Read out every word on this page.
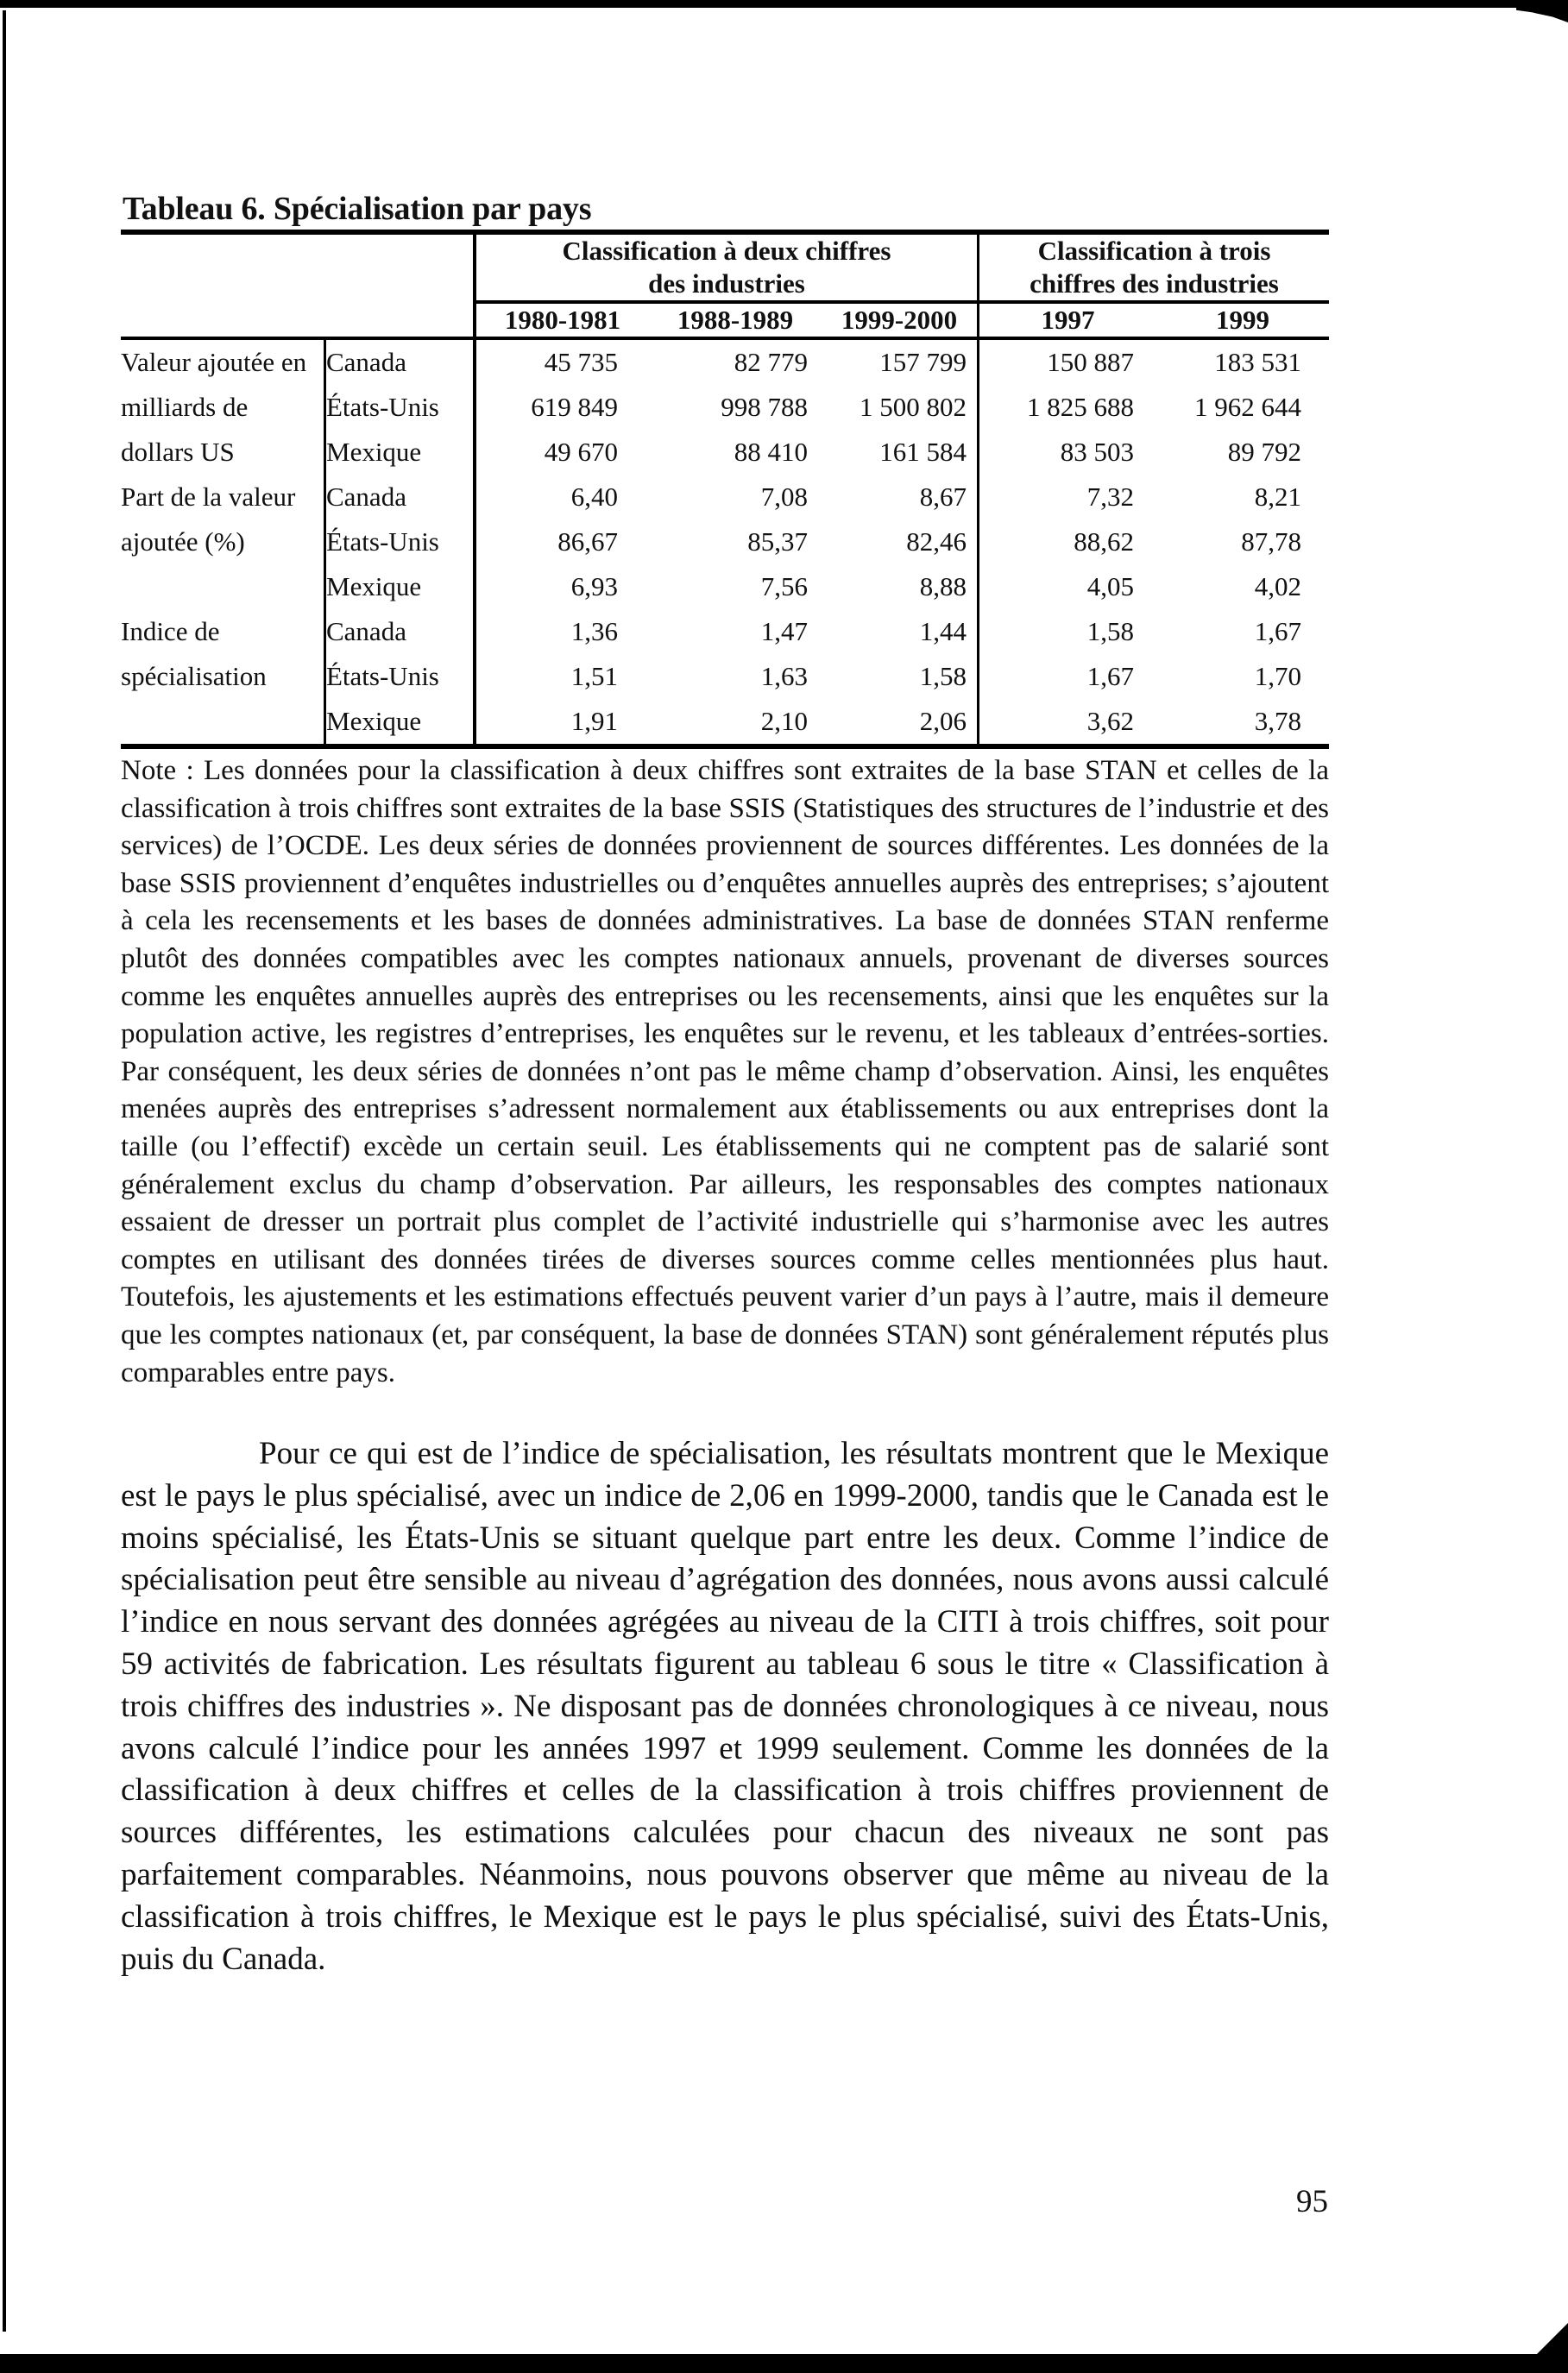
Tableau 6. Spécialisation par pays

Classification à deux chiffres
des industries

Classification à trois
chiffres des industries

		1980-1981	1988-1989	1999-2000	1997	1999
Valeur ajoutée en milliards de dollars US	Canada	45 735	82 779	157 799	150 887	183 531
	États-Unis	619 849	998 788	1 500 802	1 825 688	1 962 644
	Mexique	49 670	88 410	161 584	83 503	89 792
Part de la valeur ajoutée (%)	Canada	6,40	7,08	8,67	7,32	8,21
	États-Unis	86,67	85,37	82,46	88,62	87,78
	Mexique	6,93	7,56	8,88	4,05	4,02
Indice de spécialisation	Canada	1,36	1,47	1,44	1,58	1,67
	États-Unis	1,51	1,63	1,58	1,67	1,70
	Mexique	1,91	2,10	2,06	3,62	3,78

Note : Les données pour la classification à deux chiffres sont extraites de la base STAN et celles de la classification à trois chiffres sont extraites de la base SSIS (Statistiques des structures de l’industrie et des services) de l’OCDE. Les deux séries de données proviennent de sources différentes. Les données de la base SSIS proviennent d’enquêtes industrielles ou d’enquêtes annuelles auprès des entreprises; s’ajoutent à cela les recensements et les bases de données administratives. La base de données STAN renferme plutôt des données compatibles avec les comptes nationaux annuels, provenant de diverses sources comme les enquêtes annuelles auprès des entreprises ou les recensements, ainsi que les enquêtes sur la population active, les registres d’entreprises, les enquêtes sur le revenu, et les tableaux d’entrées-sorties. Par conséquent, les deux séries de données n’ont pas le même champ d’observation. Ainsi, les enquêtes menées auprès des entreprises s’adressent normalement aux établissements ou aux entreprises dont la taille (ou l’effectif) excède un certain seuil. Les établissements qui ne comptent pas de salarié sont généralement exclus du champ d’observation. Par ailleurs, les responsables des comptes nationaux essaient de dresser un portrait plus complet de l’activité industrielle qui s’harmonise avec les autres comptes en utilisant des données tirées de diverses sources comme celles mentionnées plus haut. Toutefois, les ajustements et les estimations effectués peuvent varier d’un pays à l’autre, mais il demeure que les comptes nationaux (et, par conséquent, la base de données STAN) sont généralement réputés plus comparables entre pays.

Pour ce qui est de l’indice de spécialisation, les résultats montrent que le Mexique est le pays le plus spécialisé, avec un indice de 2,06 en 1999-2000, tandis que le Canada est le moins spécialisé, les États-Unis se situant quelque part entre les deux. Comme l’indice de spécialisation peut être sensible au niveau d’agrégation des données, nous avons aussi calculé l’indice en nous servant des données agrégées au niveau de la CITI à trois chiffres, soit pour 59 activités de fabrication. Les résultats figurent au tableau 6 sous le titre « Classification à trois chiffres des industries ». Ne disposant pas de données chronologiques à ce niveau, nous avons calculé l’indice pour les années 1997 et 1999 seulement. Comme les données de la classification à deux chiffres et celles de la classification à trois chiffres proviennent de sources différentes, les estimations calculées pour chacun des niveaux ne sont pas parfaitement comparables. Néanmoins, nous pouvons observer que même au niveau de la classification à trois chiffres, le Mexique est le pays le plus spécialisé, suivi des États-Unis, puis du Canada.

95
